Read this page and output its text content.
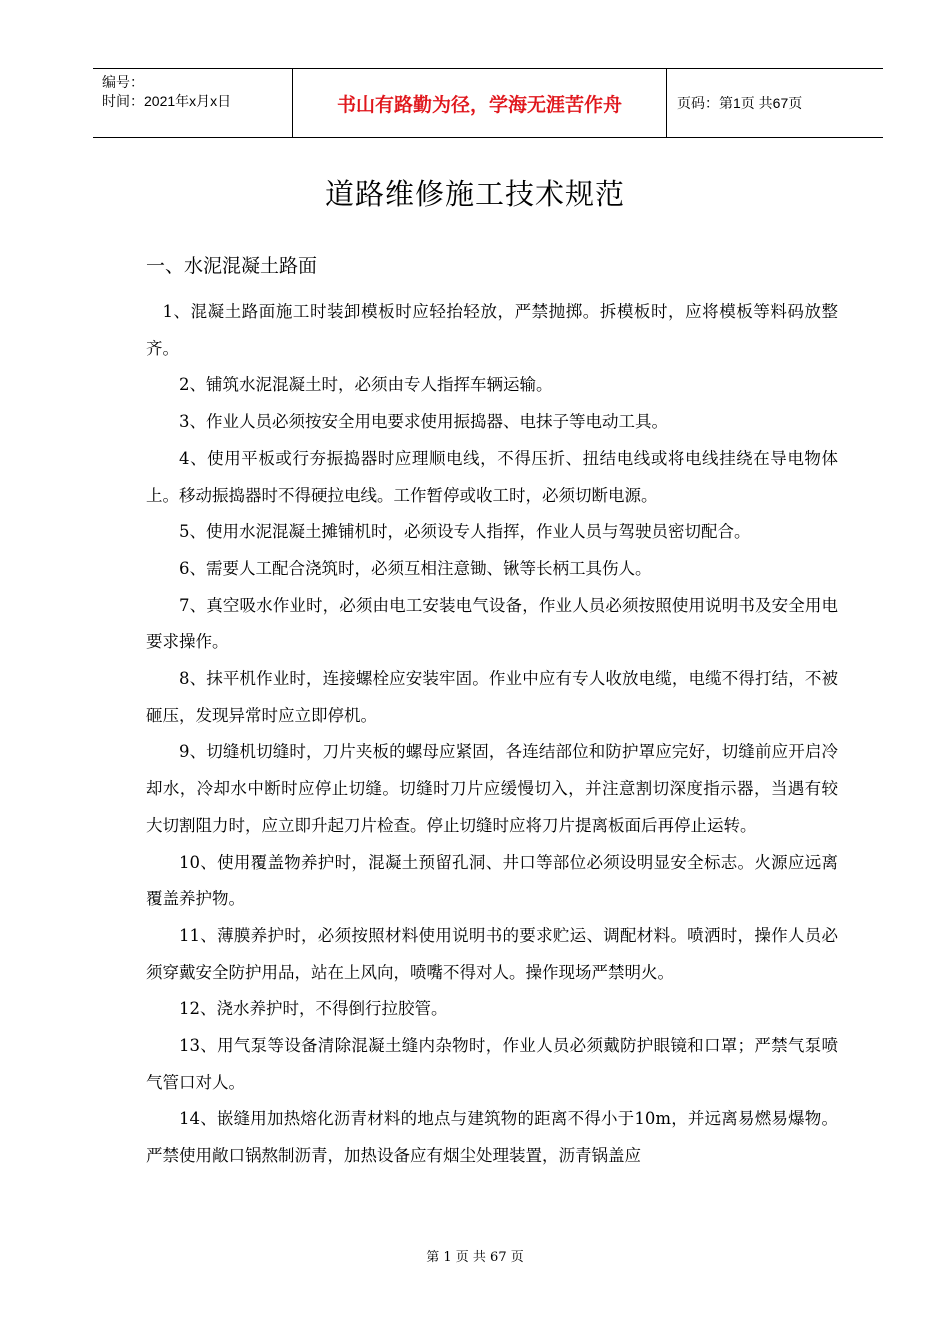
编号：
时间：2021年x月x日	书山有路勤为径，学海无涯苦作舟	页码：第1页 共67页
道路维修施工技术规范
一、水泥混凝土路面

1、混凝土路面施工时装卸模板时应轻抬轻放，严禁抛掷。拆模板时，应将模板等料码放整齐。

2、铺筑水泥混凝土时，必须由专人指挥车辆运输。

3、作业人员必须按安全用电要求使用振捣器、电抹子等电动工具。

4、使用平板或行夯振捣器时应理顺电线，不得压折、扭结电线或将电线挂绕在导电物体上。移动振捣器时不得硬拉电线。工作暂停或收工时，必须切断电源。

5、使用水泥混凝土摊铺机时，必须设专人指挥，作业人员与驾驶员密切配合。

6、需要人工配合浇筑时，必须互相注意锄、锹等长柄工具伤人。

7、真空吸水作业时，必须由电工安装电气设备，作业人员必须按照使用说明书及安全用电要求操作。

8、抹平机作业时，连接螺栓应安装牢固。作业中应有专人收放电缆，电缆不得打结，不被砸压，发现异常时应立即停机。

9、切缝机切缝时，刀片夹板的螺母应紧固，各连结部位和防护罩应完好，切缝前应开启冷却水，冷却水中断时应停止切缝。切缝时刀片应缓慢切入，并注意割切深度指示器，当遇有较大切割阻力时，应立即升起刀片检查。停止切缝时应将刀片提离板面后再停止运转。

10、使用覆盖物养护时，混凝土预留孔洞、井口等部位必须设明显安全标志。火源应远离覆盖养护物。

11、薄膜养护时，必须按照材料使用说明书的要求贮运、调配材料。喷洒时，操作人员必须穿戴安全防护用品，站在上风向，喷嘴不得对人。操作现场严禁明火。

12、浇水养护时，不得倒行拉胶管。

13、用气泵等设备清除混凝土缝内杂物时，作业人员必须戴防护眼镜和口罩；严禁气泵喷气管口对人。

14、嵌缝用加热熔化沥青材料的地点与建筑物的距离不得小于10m，并远离易燃易爆物。严禁使用敞口锅熬制沥青，加热设备应有烟尘处理装置，沥青锅盖应

第 1 页 共 67 页
